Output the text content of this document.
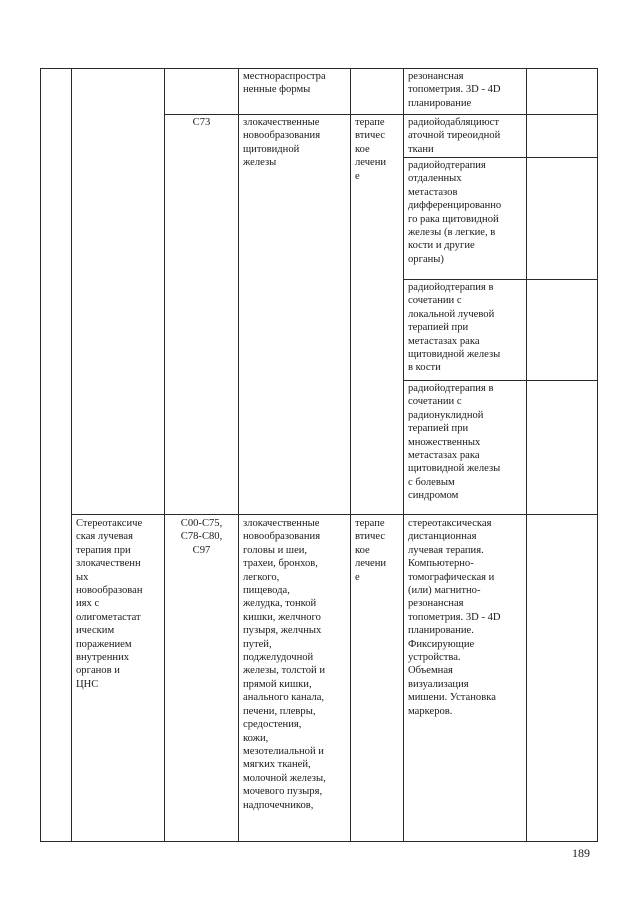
местнораспростра
ненные формы
резонансная
топометрия. 3D - 4D
планирование
С73	злокачественные
новообразования
щитовидной
железы
терапе
втичес
кое
лечени
е
радиойодабляциюст
атoчной тиреоидной
ткани
радиойодтерапия
отдаленных
метастазов
дифференцированно
го рака щитовидной
железы (в легкие, в
кости и другие
органы)
радиойодтерапия в
сочетании с
локальной лучевой
терапией при
метастазах рака
щитовидной железы
в кости
радиойодтерапия в
сочетании с
радионуклидной
терапией при
множественных
метастазах рака
щитовидной железы
с болевым
синдромом
Стереотаксиче
ская лучевая
терапия при
злокачественн
ых
новообразован
иях с
олигометастат
ическим
поражением
внутренних
органов и
ЦНС
С00-С75,
С78-С80,
С97
злокачественные
новообразования
головы и шеи,
трахеи, бронхов,
легкого,
пищевода,
желудка, тонкой
кишки, желчного
пузыря, желчных
путей,
поджелудочной
железы, толстой и
прямой кишки,
анального канала,
печени, плевры,
средостения,
кожи,
мезотелиальной и
мягких тканей,
молочной железы,
мочевого пузыря,
надпочечников,
терапе
втичес
кое
лечени
е
стереотаксическая
дистанционная
лучевая терапия.
Компьютерно-
томографическая и
(или) магнитно-
резонансная
топометрия. 3D - 4D
планирование.
Фиксирующие
устройства.
Объемная
визуализация
мишени. Установка
маркеров.
189
